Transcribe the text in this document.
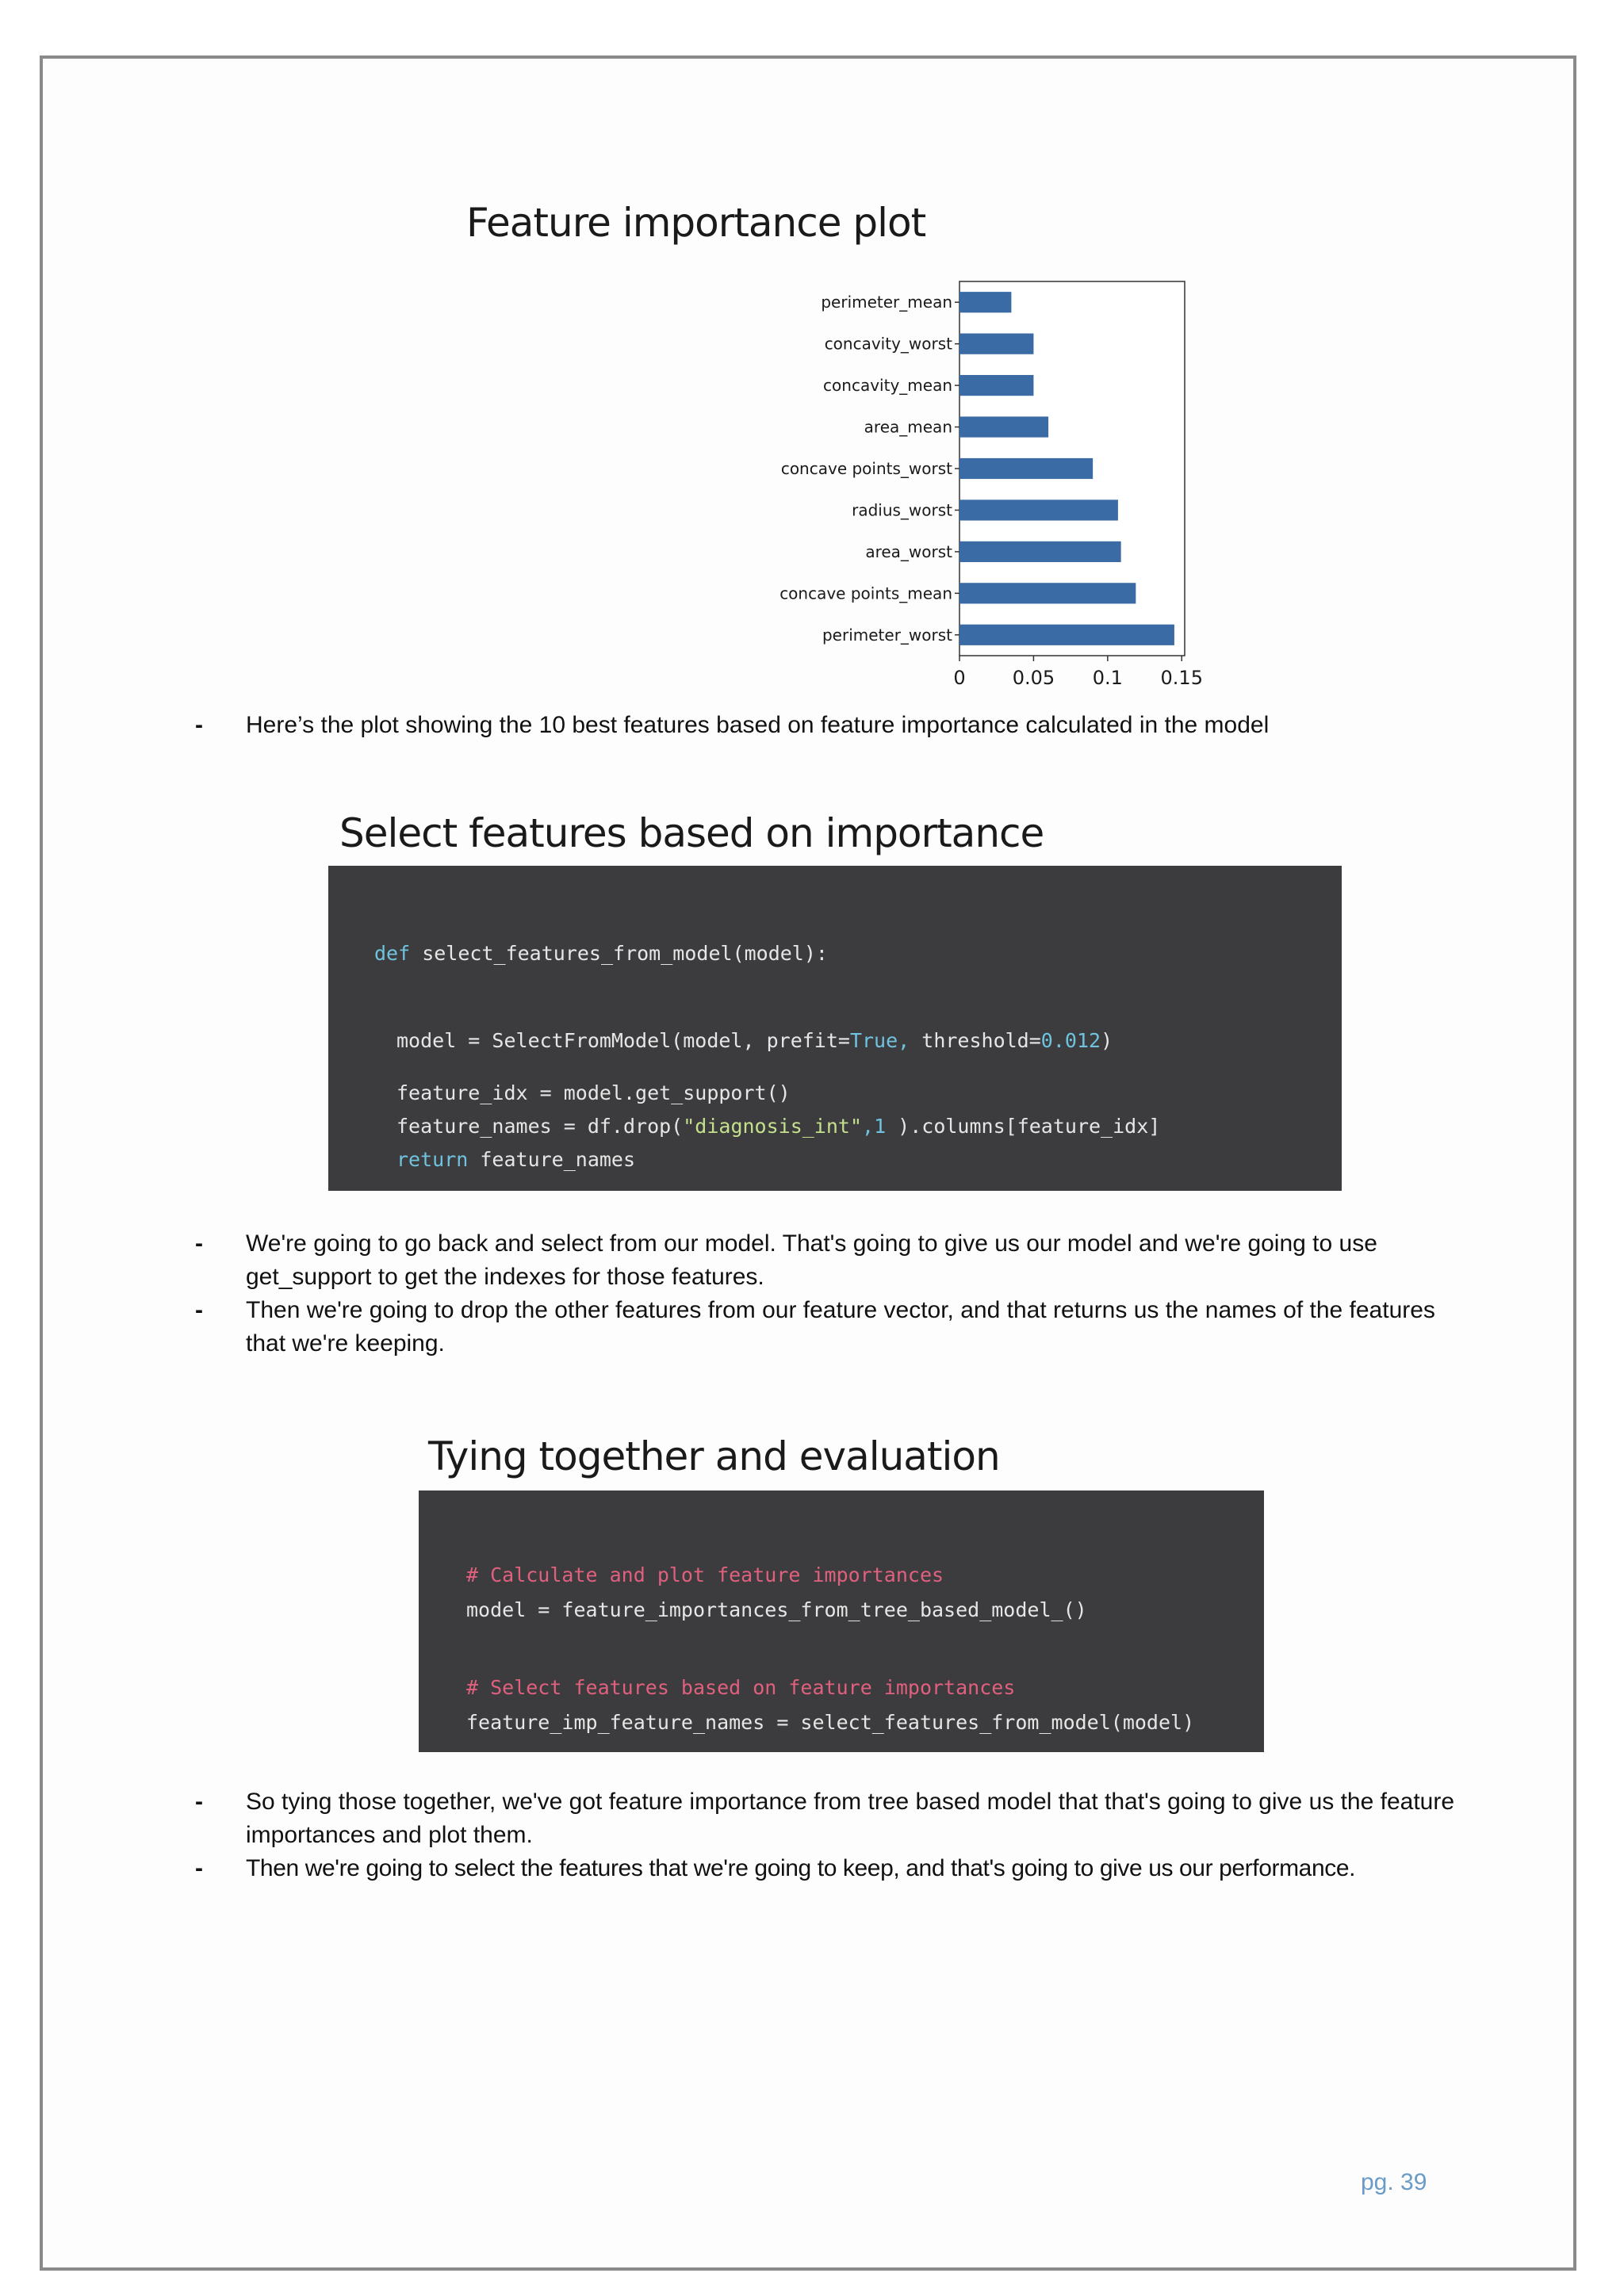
Feature importance plot
perimeter_mean
concavity_worst
concavity_mean
area_mean
concave points_worst
radius_worst
area_worst
concave points_mean
perimeter_worst
0 0.05 0.1 0.15
- Here’s the plot showing the 10 best features based on feature importance calculated in the model
Select features based on importance

def select_features_from_model(model):

model = SelectFromModel(model, prefit=True, threshold=0.012)

feature_idx = model.get_support()

feature_names = df.drop("diagnosis_int",1 ).columns[feature_idx]

return feature_names

- We're going to go back and select from our model. That's going to give us our model and we're going to use get_support to get the indexes for those features.
- Then we're going to drop the other features from our feature vector, and that returns us the names of the features that we're keeping.
Tying together and evaluation

# Calculate and plot feature importances

model = feature_importances_from_tree_based_model_()

# Select features based on feature importances

feature_imp_feature_names = select_features_from_model(model)

- So tying those together, we've got feature importance from tree based model that that's going to give us the feature importances and plot them.
- Then we're going to select the features that we're going to keep, and that's going to give us our performance.
pg. 39
